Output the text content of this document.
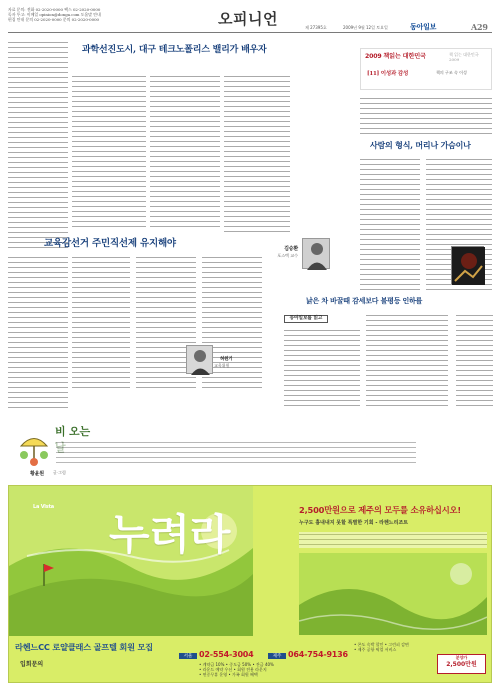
자료 문의: 전화 02-2020-0000 팩스 02-2020-0000
독자 투고: 이메일 opinion@donga.com 도움말 안내
편집 안내 문의 02-2020-0000 문의 02-2020-0000	오피니언	제 27395호	2009년 9월 12일 토요일	동아일보	A29
과학선진도시, 대구 테크노폴리스 밸리가 배우자
김승환
포스텍 교수
교육감선거 주민직선제 유지해야
허원기
교육위원
낡은 차 바꿀때 감세보다 불평등 인하를
동아일보를 읽고
2009 책읽는 대한민국	책 읽는 대한민국 2009
[11] 이성과 감성	책의 구조 속 이성
사람의 형식, 머리나 가슴이나
비 오는
글·그림
황윤원
La Vista
누려라	2,500만원으로 제주의 모두를 소유하십시오!
누구도 흉내내지 못할 특별한 기회 - 라헨느리조트
라헨느CC 로얄클래스 골프텔 회원 모집
입회문의
서울 02-554-3004	제주 064-754-9136
• 계약금 10% • 중도금 50% • 잔금 40%
• 라운드 예약 우선 • 회원 전용 라운지
• 연중무휴 운영 • 가족 회원 혜택
• 콘도 숙박 할인 • 그린피 감면
• 제주 공항 픽업 서비스
분양가
2,500만원
